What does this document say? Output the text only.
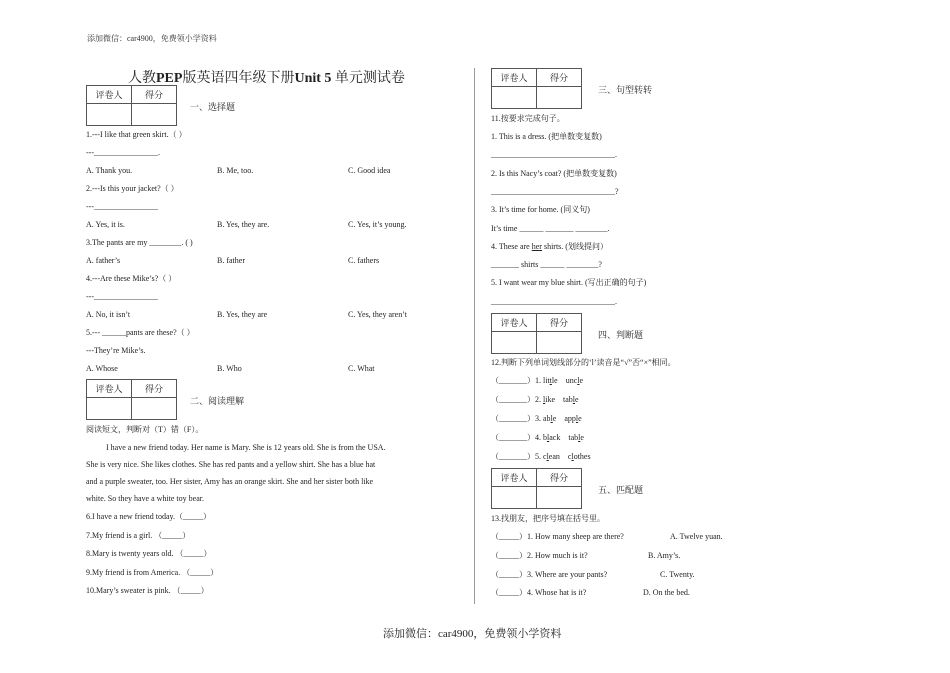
添加微信：car4900，免费领小学资料
人教PEP版英语四年级下册Unit 5 单元测试卷
评卷人	得分

一、选择题
1.---I like that green skirt.（ ）
---________________.
A. Thank you.	B. Me, too.	C. Good idea
2.---Is this your jacket?（ ）
---________________
A. Yes, it is.	B. Yes, they are.	C. Yes, it’s young.
3.The pants are my ________. ( )
A. father’s	B. father	C. fathers
4.---Are these Mike’s?（ ）
---________________
A. No, it isn’t	B. Yes, they are	C. Yes, they aren’t
5.--- ______pants are these?（ ）
---They’re Mike’s.
A. Whose	B. Who	C. What
评卷人	得分

二、阅读理解
阅读短文，判断对（T）错（F）。
I have a new friend today. Her name is Mary. She is 12 years old. She is from the USA.
She is very nice. She likes clothes. She has red pants and a yellow shirt. She has a blue hat
and a purple sweater, too. Her sister, Amy has an orange skirt. She and her sister both like
white. So they have a white toy bear.
6.I have a new friend today.（_____）
7.My friend is a girl. （_____）
8.Mary is twenty years old. （_____）
9.My friend is from America. （_____）
10.Mary’s sweater is pink. （_____）
评卷人	得分

三、句型转转
11.按要求完成句子。
1. This is a dress. (把单数变复数)
_______________________________.
2. Is this Nacy’s coat? (把单数变复数)
_______________________________?
3. It’s time for home. (同义句)
It’s time ______ _______ ________.
4. These are her shirts. (划线提问）
_______ shirts ______ ________?
5. I want wear my blue shirt. (写出正确的句子)
_______________________________.
评卷人	得分

四、判断题
12.判断下列单词划线部分的‘l’读音是“√”否“×”相同。
（_______）1. little uncle
（_______）2. like table
（_______）3. able apple
（_______）4. black table
（_______）5. clean clothes
评卷人	得分

五、匹配题
13.找朋友，把序号填在括号里。
（_____）1. How many sheep are there?	A. Twelve yuan.
（_____）2. How much is it?	B. Amy’s.
（_____）3. Where are your pants?	C. Twenty.
（_____）4. Whose hat is it?	D. On the bed.
添加微信：car4900，免费领小学资料
